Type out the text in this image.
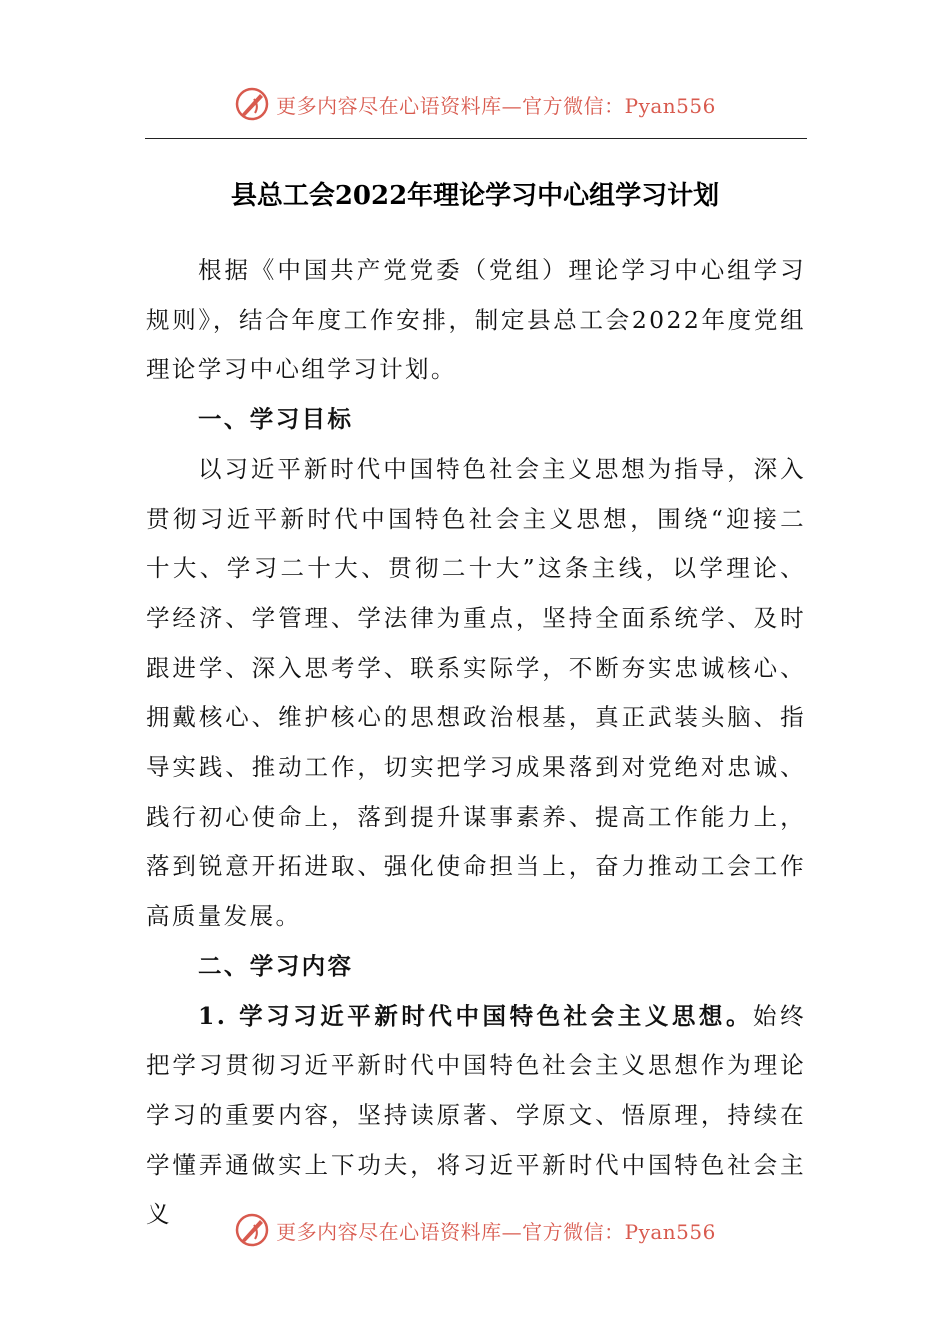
更多内容尽在心语资料库—官方微信：Pyan556
县总工会2022年理论学习中心组学习计划

根据《中国共产党党委（党组）理论学习中心组学习规则》，结合年度工作安排，制定县总工会2022年度党组理论学习中心组学习计划。

一、学习目标

以习近平新时代中国特色社会主义思想为指导，深入贯彻习近平新时代中国特色社会主义思想，围绕“迎接二十大、学习二十大、贯彻二十大”这条主线，以学理论、学经济、学管理、学法律为重点，坚持全面系统学、及时跟进学、深入思考学、联系实际学，不断夯实忠诚核心、拥戴核心、维护核心的思想政治根基，真正武装头脑、指导实践、推动工作，切实把学习成果落到对党绝对忠诚、践行初心使命上，落到提升谋事素养、提高工作能力上，落到锐意开拓进取、强化使命担当上，奋力推动工会工作高质量发展。

二、学习内容

1. 学习习近平新时代中国特色社会主义思想。始终把学习贯彻习近平新时代中国特色社会主义思想作为理论学习的重要内容，坚持读原著、学原文、悟原理，持续在学懂弄通做实上下功夫，将习近平新时代中国特色社会主义

更多内容尽在心语资料库—官方微信：Pyan556
